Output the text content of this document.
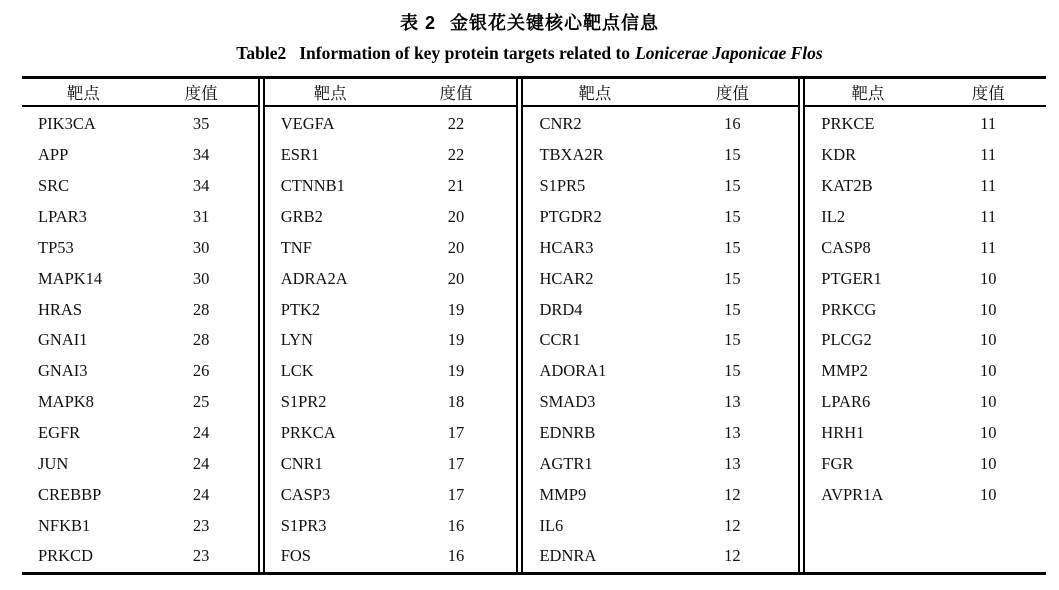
表 2 金银花关键核心靶点信息
Table2 Information of key protein targets related to Lonicerae Japonicae Flos
靶点	度值
PIK3CA	35
APP	34
SRC	34
LPAR3	31
TP53	30
MAPK14	30
HRAS	28
GNAI1	28
GNAI3	26
MAPK8	25
EGFR	24
JUN	24
CREBBP	24
NFKB1	23
PRKCD	23
靶点	度值
VEGFA	22
ESR1	22
CTNNB1	21
GRB2	20
TNF	20
ADRA2A	20
PTK2	19
LYN	19
LCK	19
S1PR2	18
PRKCA	17
CNR1	17
CASP3	17
S1PR3	16
FOS	16
靶点	度值
CNR2	16
TBXA2R	15
S1PR5	15
PTGDR2	15
HCAR3	15
HCAR2	15
DRD4	15
CCR1	15
ADORA1	15
SMAD3	13
EDNRB	13
AGTR1	13
MMP9	12
IL6	12
EDNRA	12
靶点	度值
PRKCE	11
KDR	11
KAT2B	11
IL2	11
CASP8	11
PTGER1	10
PRKCG	10
PLCG2	10
MMP2	10
LPAR6	10
HRH1	10
FGR	10
AVPR1A	10
